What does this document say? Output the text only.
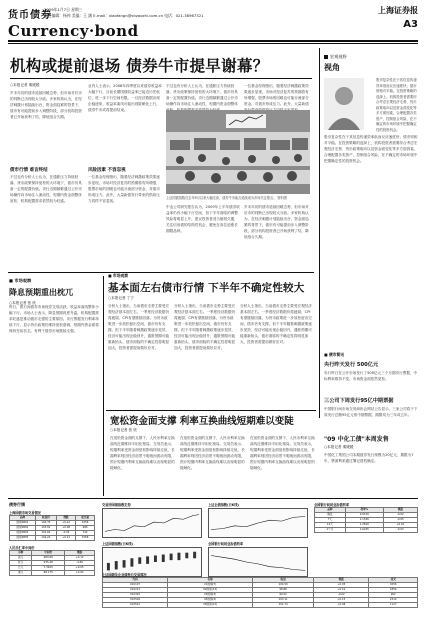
货币债券
Currency·bond
2009年1月7日 星期三
责任编辑：杨伟 美编：王 涵 E-mail：xiaofangn@shzaozhi.com.cn 电话：021-38967321
上海证券报
A3
机构或提前退场 债券牛市提早谢幕？
○本报记者 秦媛媛
岁末年初的债市延续回暖态势，但市场对后市的判断已出现较大分歧。多家机构认为，在经济刺激计划陆续出台、资金面趋紧的背景下，债市有可能提前步入调整阶段，部分机构投资者已开始获利了结，降低组合久期。
业内人士表示，2008年四季度以来债券收益率大幅下行，目前长期国债收益率已接近历史低位，进一步下行空间有限。一旦经济数据出现企稳迹象，收益率曲线可能出现陡峭化上行，债券牛市或将提前结束。
不过也有分析人士认为，在通胀压力持续回落、货币政策保持宽松的大环境下，债市仍具备一定的配置价值。央行近期频繁通过公开市场操作向市场注入流动性，短期内资金面整体
一位基金经理指出，随着经济刺激政策效果逐步显现，市场对经济复苏的预期将有所增强，股票市场的回暖也可能分流部分资金，对债市形成压力。此外，大量新债
债市行情 难言终结
不过也有分析人士认为，在通胀压力持续回落、货币政策保持宽松的大环境下，债市仍具备一定的配置价值。央行近期频繁通过公开市场操作向市场注入流动性，短期内资金面整体宽松，机构配置需求依然较为旺盛。
风险因素 不容忽视
一位基金经理指出，随着经济刺激政策效果逐步显现，市场对经济复苏的预期将有所增强，股票市场的回暖也可能分流部分资金，对债市形成压力。此外，大量新债发行带来的供给压力同样不容忽视。
中金公司研究报告认为，2009年上半年债券收益率仍有小幅下行空间，但下半年面临的调整风险将明显上升，建议投资者适当缩短久期，关注信用债的结构性机会，避免在高位追涨长期限品种。
岁末年初的债市延续回暖态势，但市场对后市的判断已出现较大分歧。多家机构认为，在经济刺激计划陆续出台、资金面趋紧的背景下，债市有可能提前步入调整阶段，部分机构投资者已开始获利了结，降低组合久期。
上证国债指数自去年9月以来大幅走高，债券牛市能否延续成为市场关注焦点。 资料图
宏观视野
视角
股市复杂性在于其信息传递效率低而反应速度快；债市则相对平稳。在投资策略的选择上，机构投资者需要综合考虑宏观经济走势、货币政策取向以及资金面变化等多方面因素，合理配置各类资产，控制组合风险，在不确定的市场环境中把握确定性的投资机会。
股市复杂性在于其信息传递效率低而反应速度快；债市则相对平稳。在投资策略的选择上，机构投资者需要综合考虑宏观经济走势、货币政策取向以及资金面变化等多方面因素，合理配置各类资产，控制组合风险，在不确定的市场环境中把握确定性的投资机会。
■ 市场观察
降息预期重出枕兀
○本报记者 张 欣
昨日，银行间债券市场现券交易活跃，收益率曲线整体小幅下行。市场人士表示，降息预期再度升温，机构配置需求旺盛是推动债市走强的主要原因。央行票据发行利率持续下行，显示货币政策仍维持宽松基调，短期内资金面将保持充裕状态，有利于债券市场继续走强。
■ 市场观察
基本面左右债市行情 下半年不确定性较大
○本报记者 丁宁
分析人士指出，当前债市走势主要受宏观经济基本面左右。一季度经济数据仍将疲弱，CPI有望继续回落，为货币政策进一步放松留出空间，债市仍有支撑。但下半年随着刺激政策逐步见效，经济可能出现企稳回升，通胀预期可能重新抬头，债市面临的不确定性将明显加大，投资者需提前做好应对。
分析人士指出，当前债市走势主要受宏观经济基本面左右。一季度经济数据仍将疲弱，CPI有望继续回落，为货币政策进一步放松留出空间，债市仍有支撑。但下半年随着刺激政策逐步见效，经济可能出现企稳回升，通胀预期可能重新抬头，债市面临的不确定性将明显加大，投资者需提前做好应对。
分析人士指出，当前债市走势主要受宏观经济基本面左右。一季度经济数据仍将疲弱，CPI有望继续回落，为货币政策进一步放松留出空间，债市仍有支撑。但下半年随着刺激政策逐步见效，经济可能出现企稳回升，通胀预期可能重新抬头，债市面临的不确定性将明显加大，投资者需提前做好应对。
■ 债市简讯
央行昨天发行 500亿元
央行昨日在公开市场发行了500亿元三个月期央行票据，中标利率维持不变，市场资金面依然宽松。
三公司下周发行95亿中期票据
中国银行间市场交易商协会网站公告显示，三家公司将于下周发行总额95亿元的中期票据，期限均为三年或五年。
"09 中化工债"本周发售
○本报记者 秦媛媛
中国化工集团公司本期债券发行规模为20亿元，期限为7年，票面利率通过簿记建档确定。
宽松资金面支撑 利率互换曲线短期难以变陡
○本报记者 张 欣
在宽松资金面的支撑下，人民币利率互换曲线近期维持平坦化格局。交易员表示，短端利率受资金面宽松影响持续走低，长端利率则因经济前景不明朗而波动有限，预计短期内利率互换曲线难以出现明显的陡峭化。
在宽松资金面的支撑下，人民币利率互换曲线近期维持平坦化格局。交易员表示，短端利率受资金面宽松影响持续走低，长端利率则因经济前景不明朗而波动有限，预计短期内利率互换曲线难以出现明显的陡峭化。
在宽松资金面的支撑下，人民币利率互换曲线近期维持平坦化格局。交易员表示，短端利率受资金面宽松影响持续走低，长端利率则因经济前景不明朗而波动有限，预计短期内利率互换曲线难以出现明显的陡峭化。
债券行情
上海国债市场交易情况
品种	收盘价	涨跌	成交量
国债0801	102.35	+0.12	1256
国债0802	103.81	+0.08	986
国债0803	101.64	-0.05	742
国债0805	104.22	+0.21	1568
人民币汇率中间价
币种	中间价	涨跌
美元	683.69	+0.12
欧元	935.28	-4.56
日元	7.3925	+0.05
港元	88.175	+0.02
交易所国债指数走势
上证国债指数(日K线)
上证企债指数(日K线)
全国银行间同业拆借利率
全国银行间同业拆借利率
品种	利率%	涨跌
隔夜	0.9120	-0.02
7天	1.1536	-0.05
14天	1.2810	+0.01
1个月	1.6245	-0.03
上证国债及企业债券日交易简况
代码	名称	收盘	涨跌	成交
010107	21国债(7)	104.50	+0.05	3256
010213	02国债(13)	98.86	+0.10	1856
010303	03国债(3)	99.52	-0.02	962
010504	05国债(4)	103.11	+0.15	2314
010512	05国债(12)	101.74	+0.08	1127
